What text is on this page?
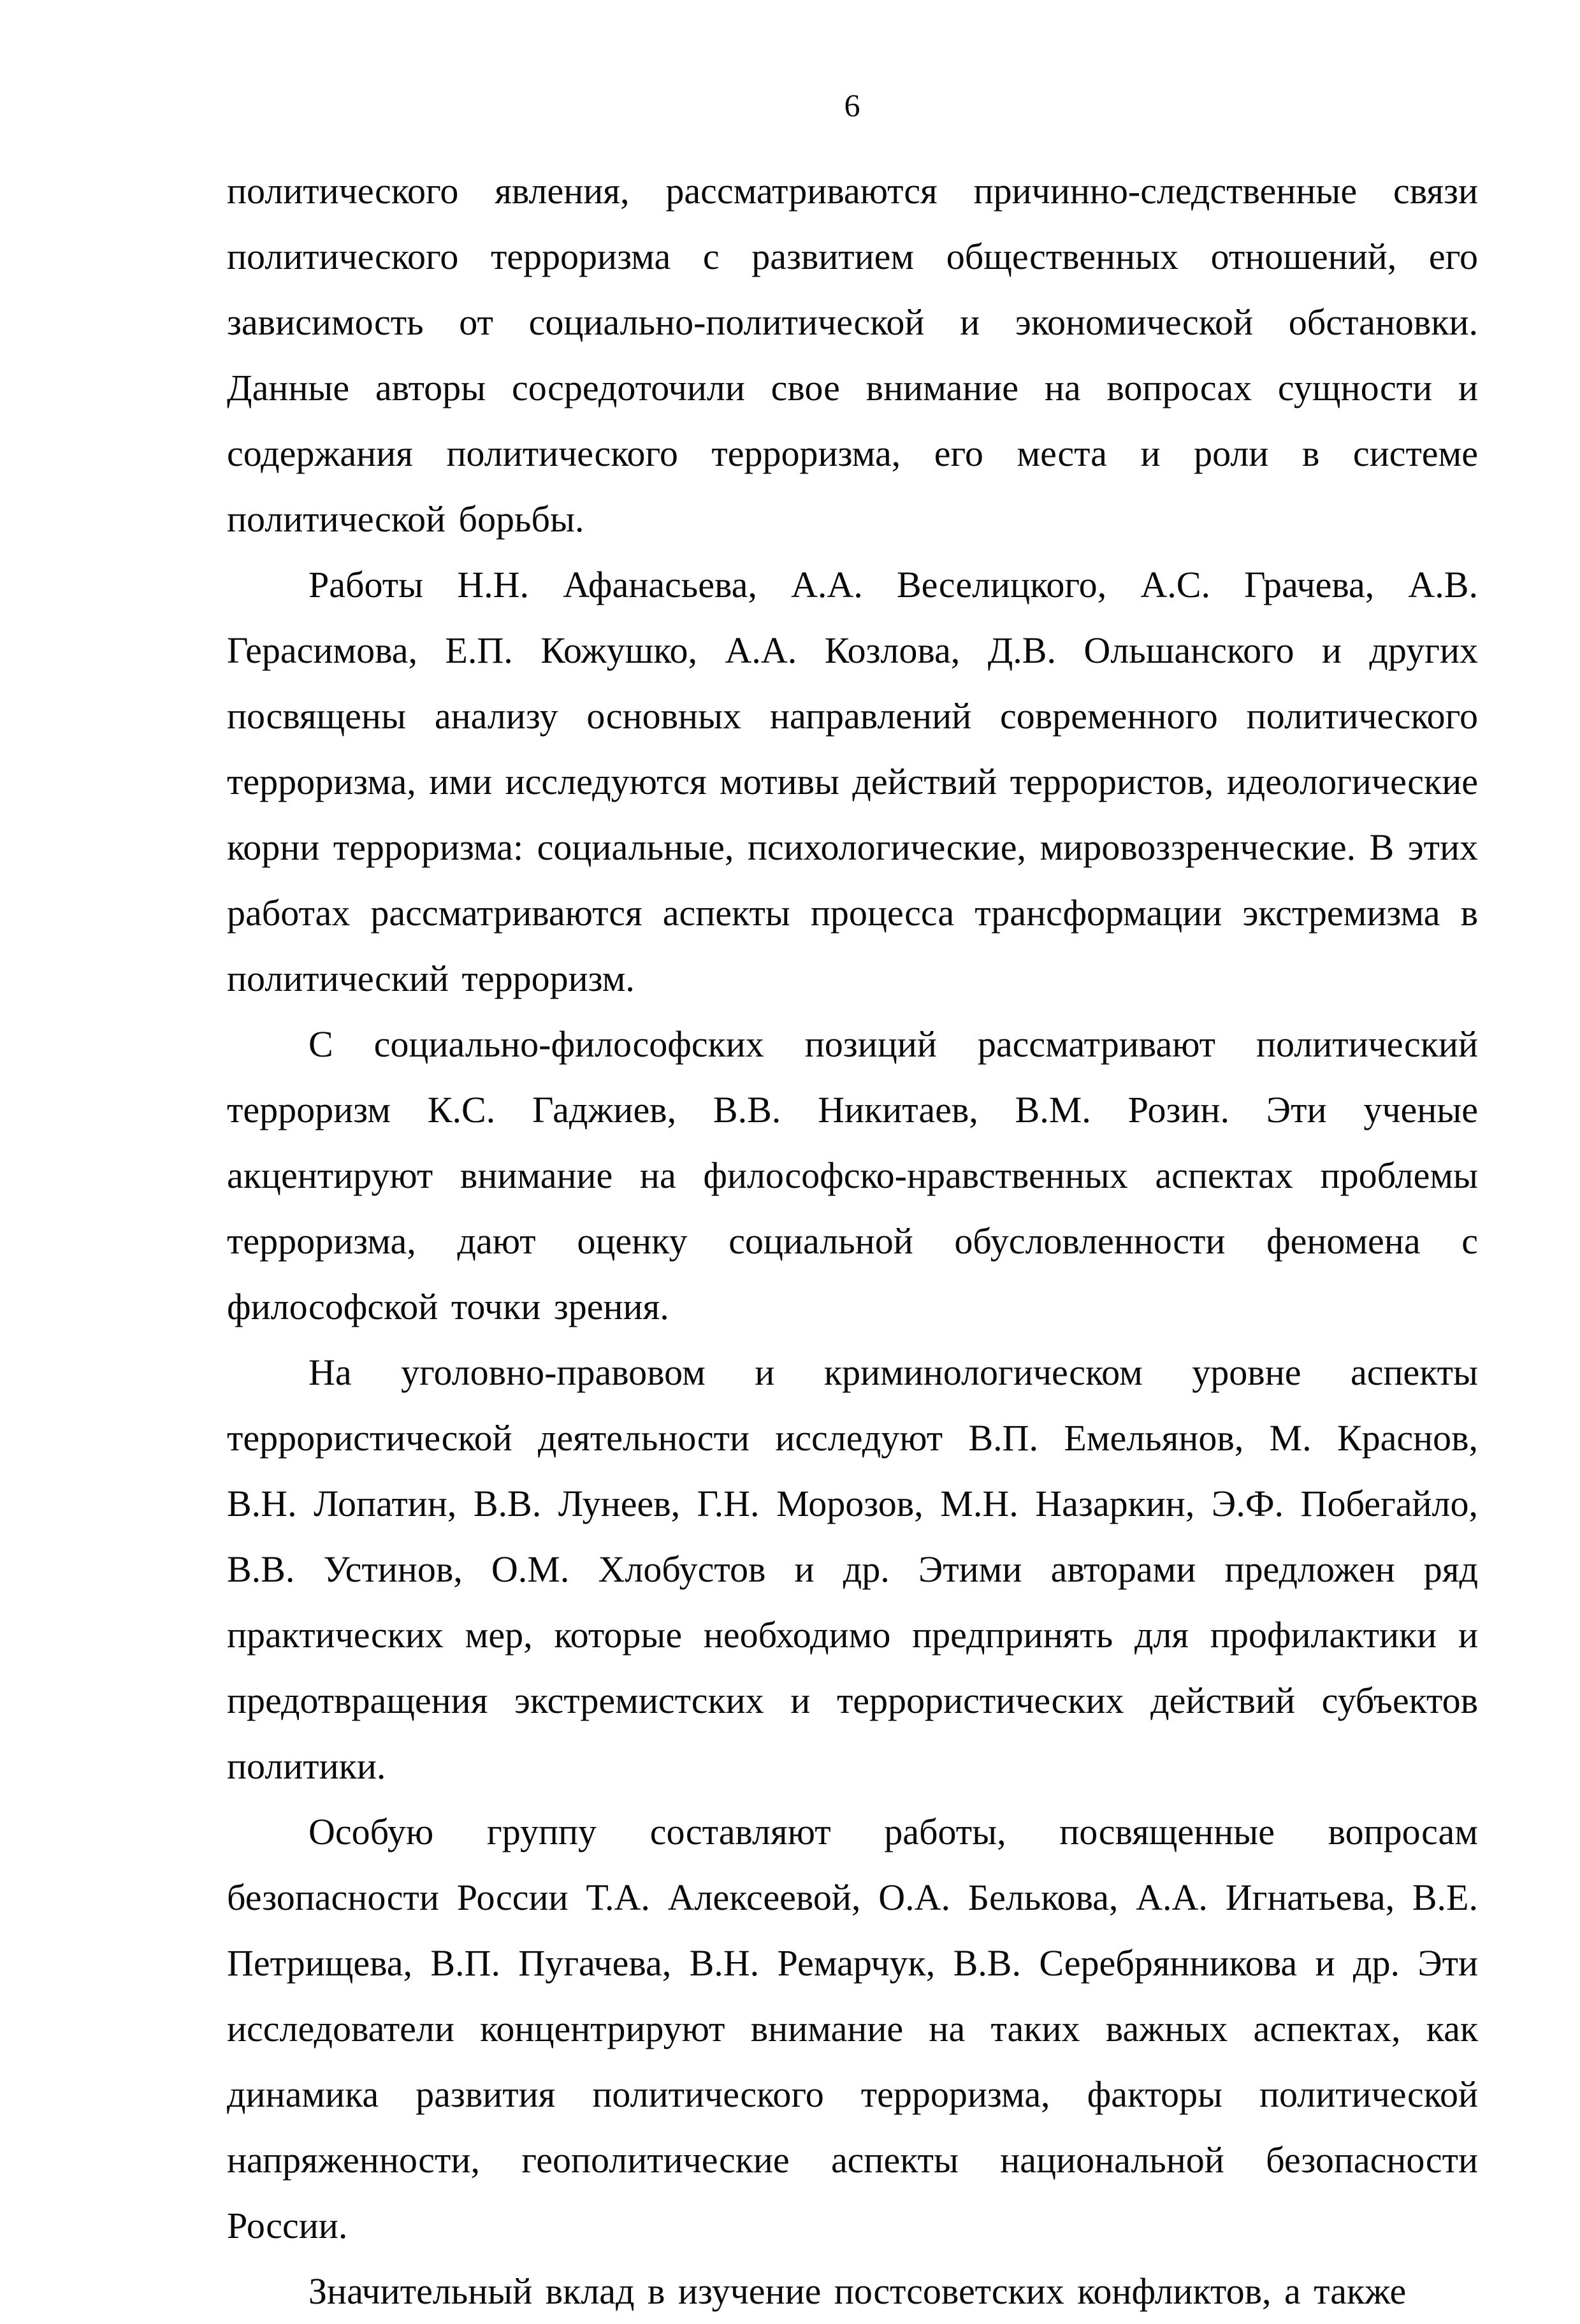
6

политического явления, рассматриваются причинно-следственные связи политического терроризма с развитием общественных отношений, его зависимость от социально-политической и экономической обстановки. Данные авторы сосредоточили свое внимание на вопросах сущности и содержания политического терроризма, его места и роли в системе политической борьбы.

Работы Н.Н. Афанасьева, А.А. Веселицкого, А.С. Грачева, А.В. Герасимова, Е.П. Кожушко, А.А. Козлова, Д.В. Ольшанского и других посвящены анализу основных направлений современного политического терроризма, ими исследуются мотивы действий террористов, идеологические корни терроризма: социальные, психологические, мировоззренческие. В этих работах рассматриваются аспекты процесса трансформации экстремизма в политический терроризм.

С социально-философских позиций рассматривают политический терроризм К.С. Гаджиев, В.В. Никитаев, В.М. Розин. Эти ученые акцентируют внимание на философско-нравственных аспектах проблемы терроризма, дают оценку социальной обусловленности феномена с философской точки зрения.

На уголовно-правовом и криминологическом уровне аспекты террористической деятельности исследуют В.П. Емельянов, М. Краснов, В.Н. Лопатин, В.В. Лунеев, Г.Н. Морозов, М.Н. Назаркин, Э.Ф. Побегайло, В.В. Устинов, О.М. Хлобустов и др. Этими авторами предложен ряд практических мер, которые необходимо предпринять для профилактики и предотвращения экстремистских и террористических действий субъектов политики.

Особую группу составляют работы, посвященные вопросам безопасности России Т.А. Алексеевой, О.А. Белькова, А.А. Игнатьева, В.Е. Петрищева, В.П. Пугачева, В.Н. Ремарчук, В.В. Серебрянникова и др. Эти исследователи концентрируют внимание на таких важных аспектах, как динамика развития политического терроризма, факторы политической напряженности, геополитические аспекты национальной безопасности России.

Значительный вклад в изучение постсоветских конфликтов, а также
